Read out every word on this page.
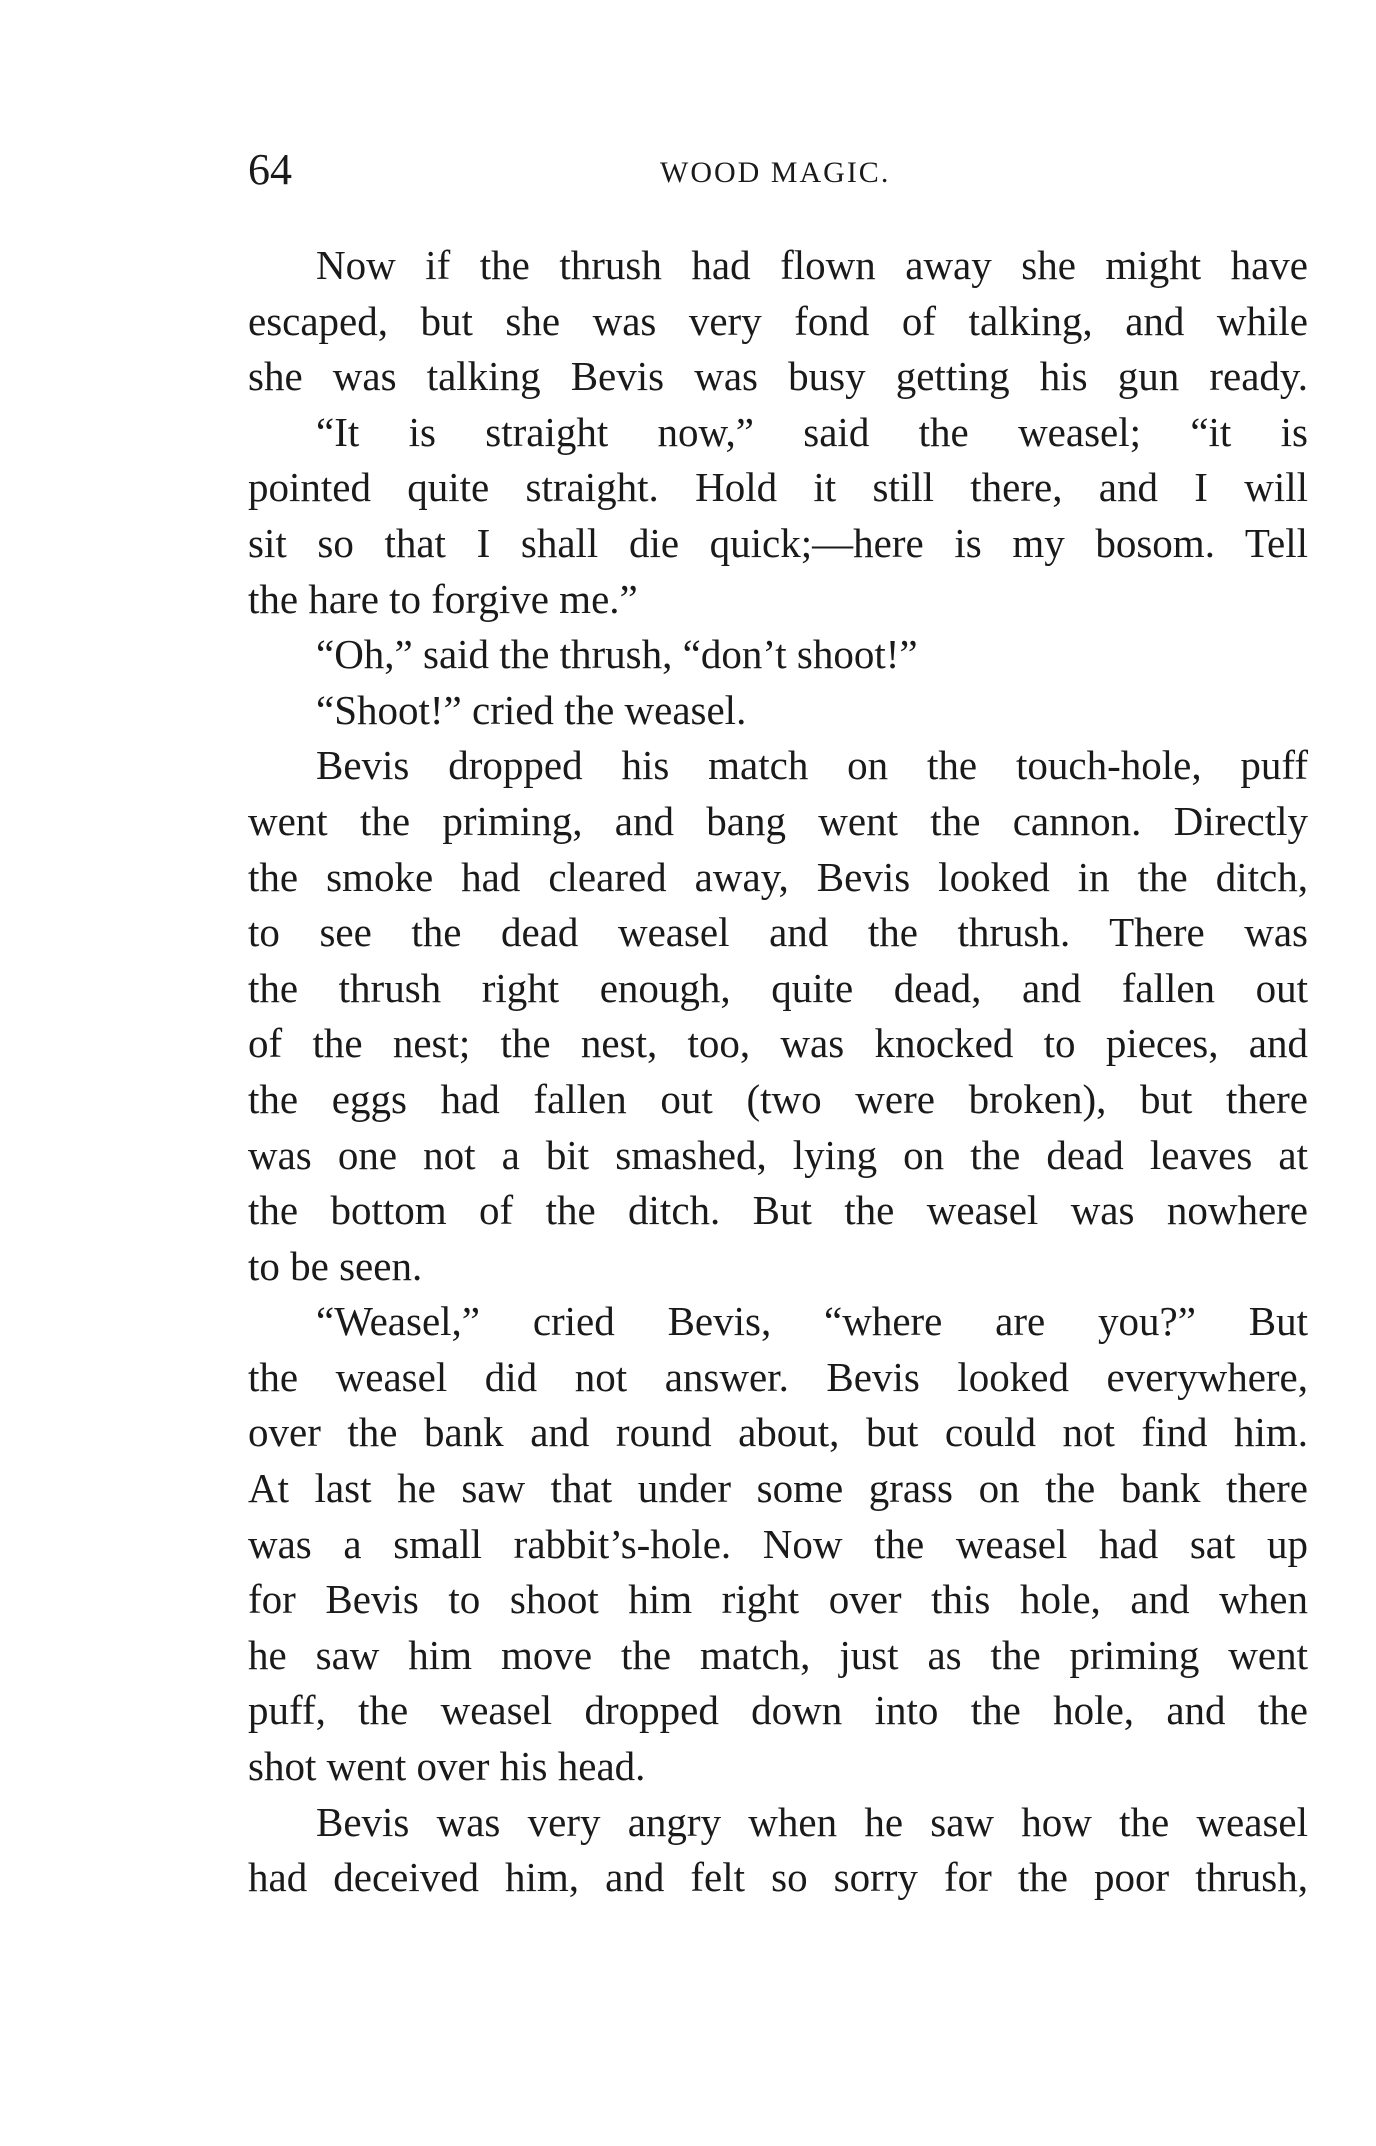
64	WOOD MAGIC.

Now if the thrush had flown away she might have
escaped, but she was very fond of talking, and while
she was talking Bevis was busy getting his gun ready.

“It is straight now,” said the weasel; “it is
pointed quite straight. Hold it still there, and I will
sit so that I shall die quick;—here is my bosom. Tell
the hare to forgive me.”

“Oh,” said the thrush, “don’t shoot!”

“Shoot!” cried the weasel.

Bevis dropped his match on the touch-hole, puff
went the priming, and bang went the cannon. Directly
the smoke had cleared away, Bevis looked in the ditch,
to see the dead weasel and the thrush. There was
the thrush right enough, quite dead, and fallen out
of the nest; the nest, too, was knocked to pieces, and
the eggs had fallen out (two were broken), but there
was one not a bit smashed, lying on the dead leaves at
the bottom of the ditch. But the weasel was nowhere
to be seen.

“Weasel,” cried Bevis, “where are you?” But
the weasel did not answer. Bevis looked everywhere,
over the bank and round about, but could not find him.
At last he saw that under some grass on the bank there
was a small rabbit’s-hole. Now the weasel had sat up
for Bevis to shoot him right over this hole, and when
he saw him move the match, just as the priming went
puff, the weasel dropped down into the hole, and the
shot went over his head.

Bevis was very angry when he saw how the weasel
had deceived him, and felt so sorry for the poor thrush,
